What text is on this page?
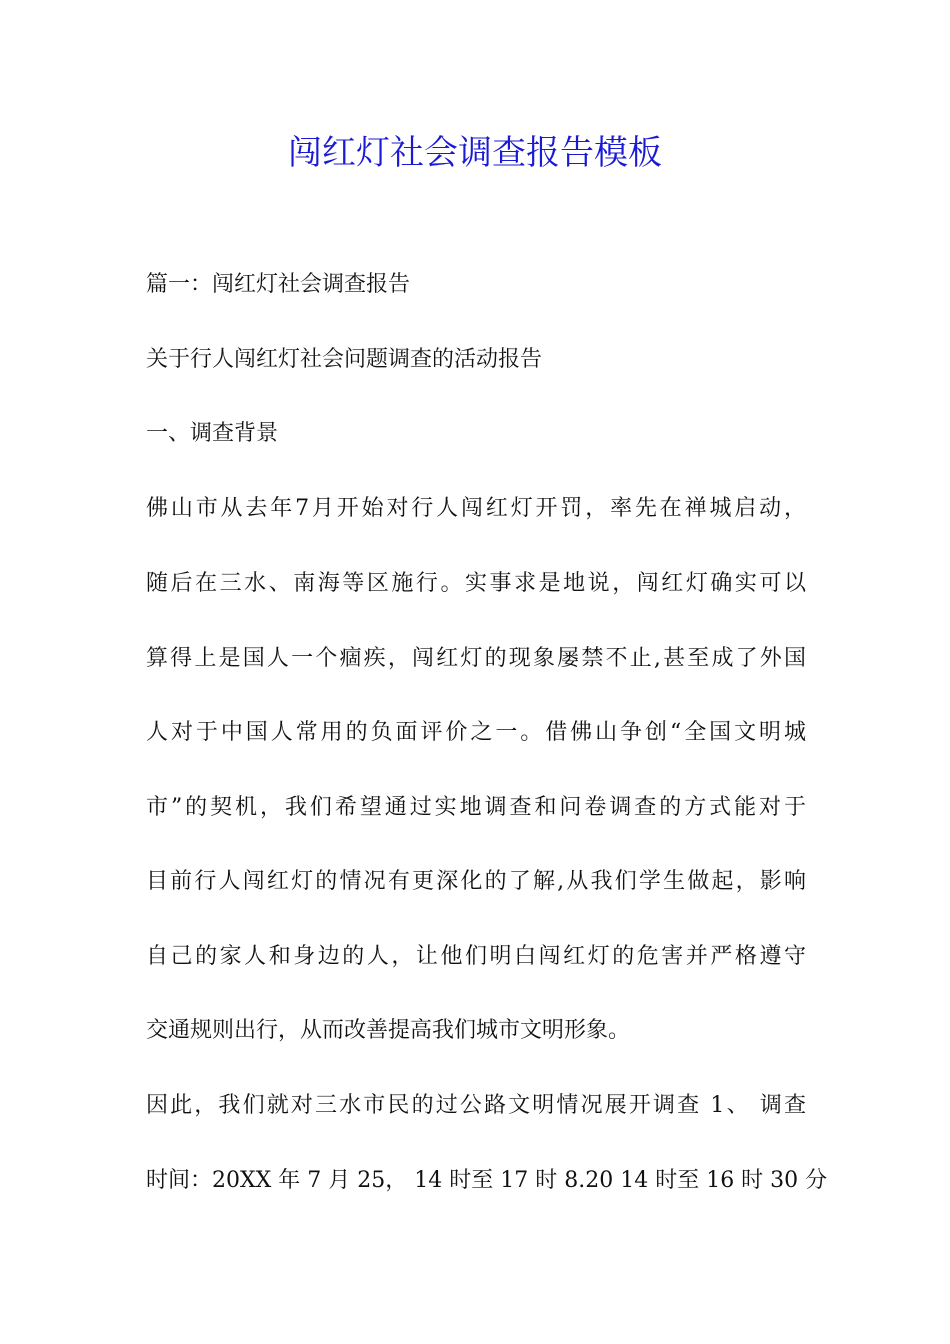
闯红灯社会调查报告模板

篇一：闯红灯社会调查报告

关于行人闯红灯社会问题调查的活动报告

一、调查背景

佛山市从去年7月开始对行人闯红灯开罚，率先在禅城启动，

随后在三水、南海等区施行。实事求是地说，闯红灯确实可以

算得上是国人一个痼疾，闯红灯的现象屡禁不止,甚至成了外国

人对于中国人常用的负面评价之一。借佛山争创“全国文明城

市”的契机，我们希望通过实地调查和问卷调查的方式能对于

目前行人闯红灯的情况有更深化的了解,从我们学生做起，影响

自己的家人和身边的人，让他们明白闯红灯的危害并严格遵守

交通规则出行，从而改善提高我们城市文明形象。

因此，我们就对三水市民的过公路文明情况展开调查 1、 调查

时间：20XX 年 7 月 25， 14 时至 17 时 8.20 14 时至 16 时 30 分
